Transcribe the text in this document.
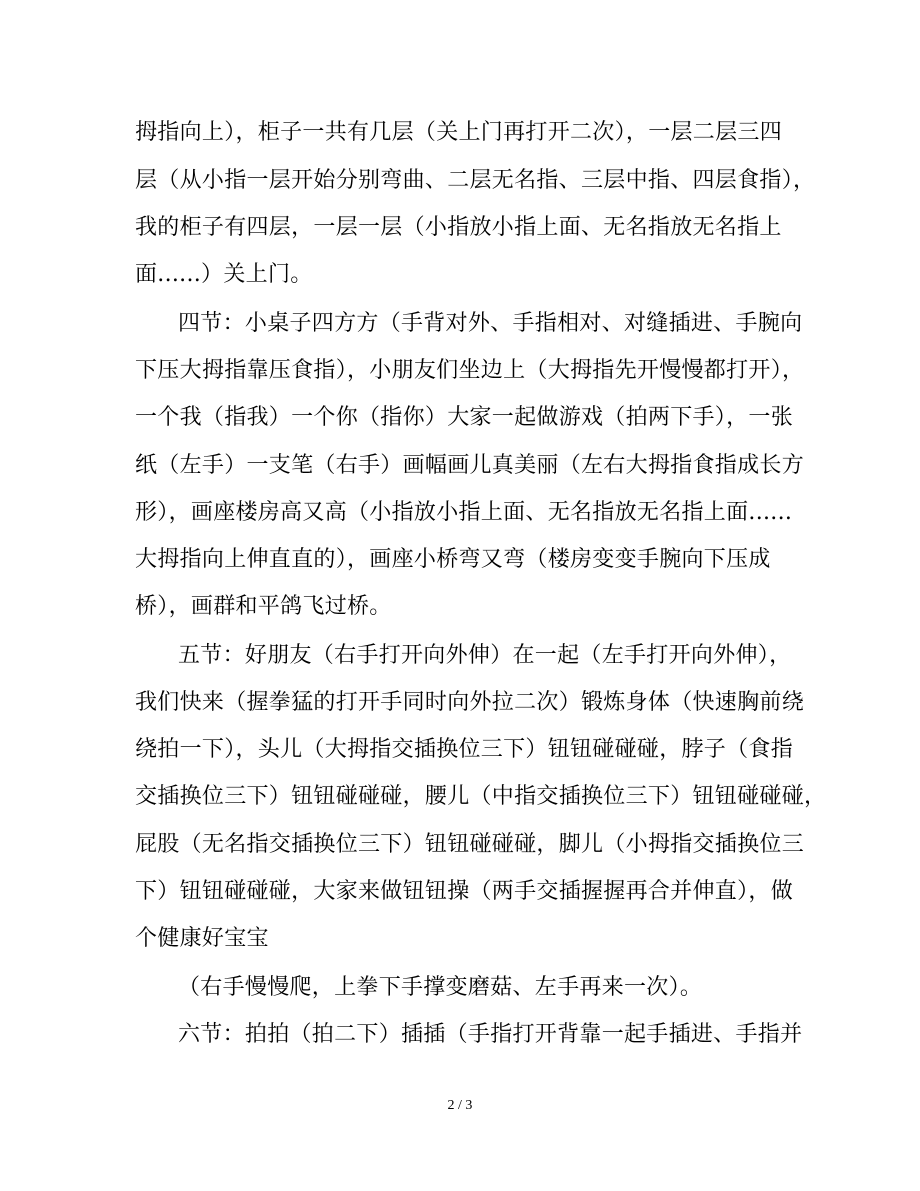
拇指向上），柜子一共有几层（关上门再打开二次），一层二层三四

层（从小指一层开始分别弯曲、二层无名指、三层中指、四层食指），

我的柜子有四层，一层一层（小指放小指上面、无名指放无名指上

面......）关上门。

四节：小桌子四方方（手背对外、手指相对、对缝插进、手腕向

下压大拇指靠压食指），小朋友们坐边上（大拇指先开慢慢都打开），

一个我（指我）一个你（指你）大家一起做游戏（拍两下手），一张

纸（左手）一支笔（右手）画幅画儿真美丽（左右大拇指食指成长方

形），画座楼房高又高（小指放小指上面、无名指放无名指上面......

大拇指向上伸直直的），画座小桥弯又弯（楼房变变手腕向下压成

桥），画群和平鸽飞过桥。

五节：好朋友（右手打开向外伸）在一起（左手打开向外伸），

我们快来（握拳猛的打开手同时向外拉二次）锻炼身体（快速胸前绕

绕拍一下），头儿（大拇指交插换位三下）钮钮碰碰碰，脖子（食指

交插换位三下）钮钮碰碰碰，腰儿（中指交插换位三下）钮钮碰碰碰，

屁股（无名指交插换位三下）钮钮碰碰碰，脚儿（小拇指交插换位三

下）钮钮碰碰碰，大家来做钮钮操（两手交插握握再合并伸直），做

个健康好宝宝

（右手慢慢爬，上拳下手撑变磨菇、左手再来一次）。

六节：拍拍（拍二下）插插（手指打开背靠一起手插进、手指并

2 / 3
